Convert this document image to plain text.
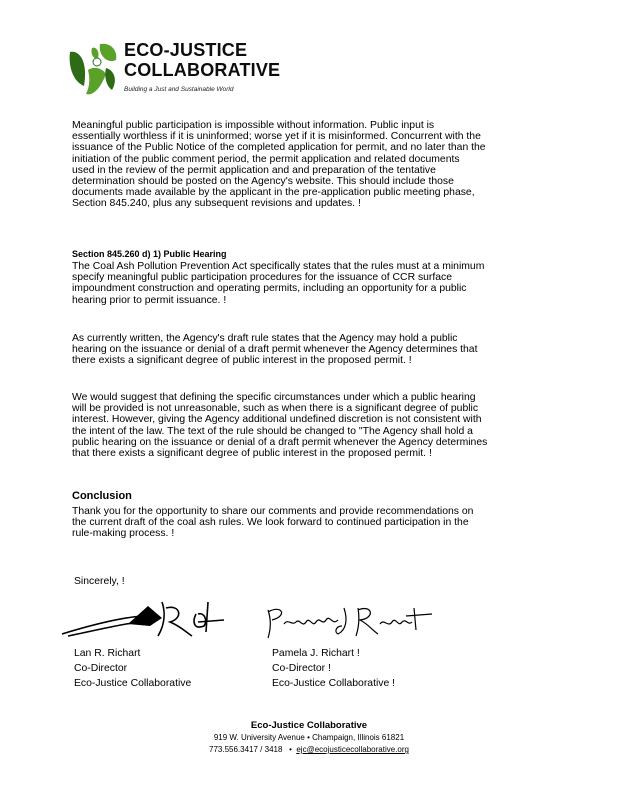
ECO-JUSTICE
COLLABORATIVE
Building a Just and Sustainable World
Meaningful public participation is impossible without information. Public input is
essentially worthless if it is uninformed; worse yet if it is misinformed. Concurrent with the
issuance of the Public Notice of the completed application for permit, and no later than the
initiation of the public comment period, the permit application and related documents
used in the review of the permit application and and preparation of the tentative
determination should be posted on the Agency's website. This should include those
documents made available by the applicant in the pre-application public meeting phase,
Section 845.240, plus any subsequent revisions and updates. !
Section 845.260 d) 1) Public Hearing
The Coal Ash Pollution Prevention Act specifically states that the rules must at a minimum
specify meaningful public participation procedures for the issuance of CCR surface
impoundment construction and operating permits, including an opportunity for a public
hearing prior to permit issuance. !
As currently written, the Agency's draft rule states that the Agency may hold a public
hearing on the issuance or denial of a draft permit whenever the Agency determines that
there exists a significant degree of public interest in the proposed permit. !
We would suggest that defining the specific circumstances under which a public hearing
will be provided is not unreasonable, such as when there is a significant degree of public
interest. However, giving the Agency additional undefined discretion is not consistent with
the intent of the law. The text of the rule should be changed to "The Agency shall hold a
public hearing on the issuance or denial of a draft permit whenever the Agency determines
that there exists a significant degree of public interest in the proposed permit. !
Conclusion
Thank you for the opportunity to share our comments and provide recommendations on
the current draft of the coal ash rules. We look forward to continued participation in the
rule-making process. !
Sincerely, !
Lan R. Richart
Co-Director
Eco-Justice Collaborative
Pamela J. Richart !
Co-Director !
Eco-Justice Collaborative !
Eco-Justice Collaborative
919 W. University Avenue • Champaign, Illinois 61821
773.556.3417 / 3418   •  ejc@ecojusticecollaborative.org
